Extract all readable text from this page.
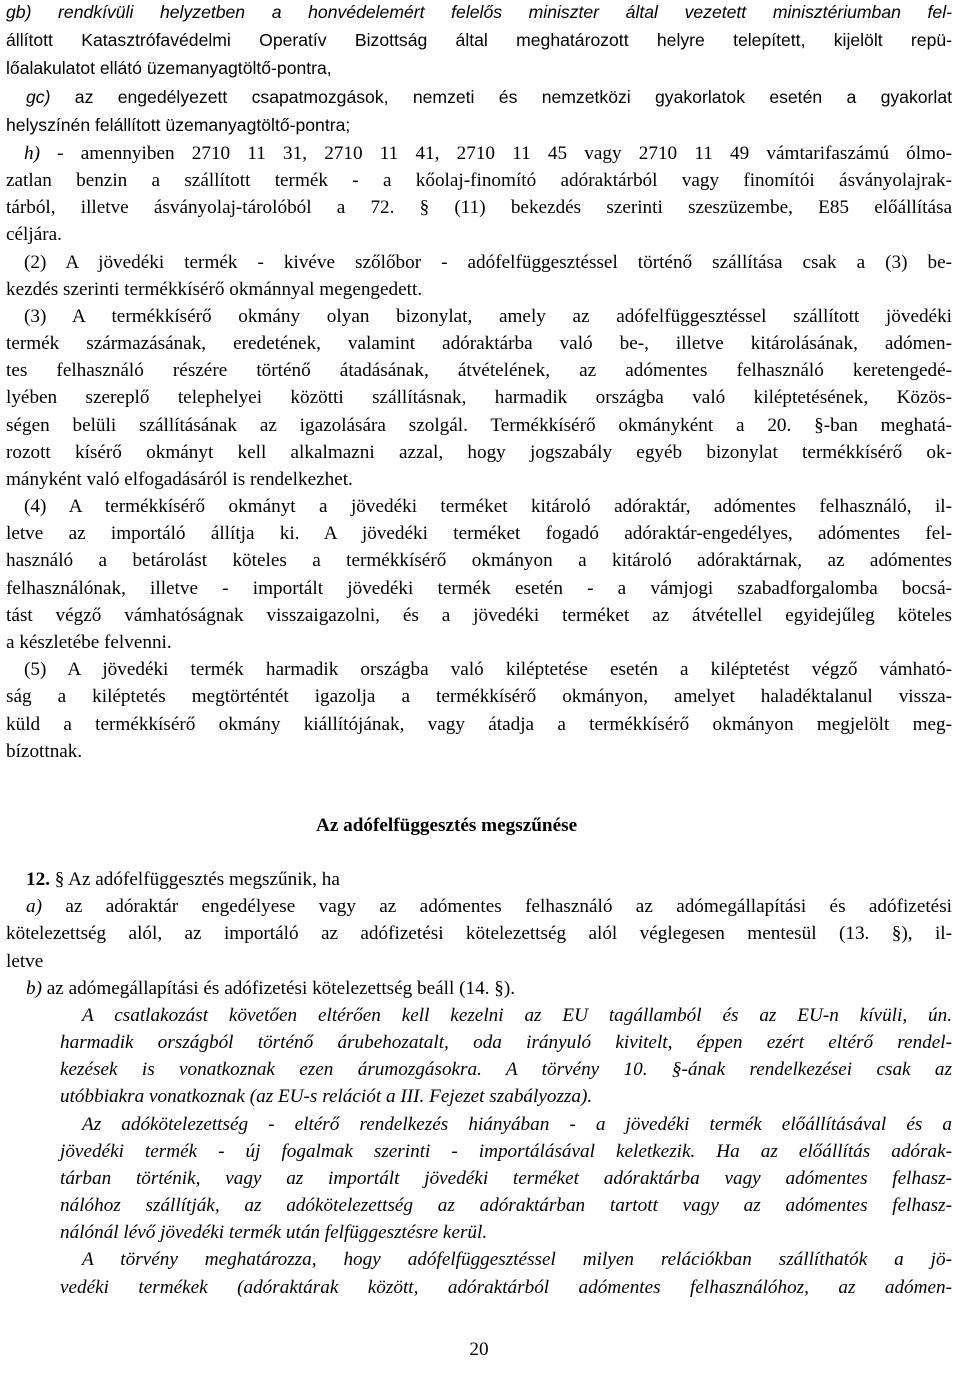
gb) rendkívüli helyzetben a honvédelemért felelős miniszter által vezetett minisztériumban fel-
állított Katasztrófavédelmi Operatív Bizottság által meghatározott helyre telepített, kijelölt repü-
lőalakulatot ellátó üzemanyagtöltő-pontra,
gc) az engedélyezett csapatmozgások, nemzeti és nemzetközi gyakorlatok esetén a gyakorlat
helyszínén felállított üzemanyagtöltő-pontra;
h) - amennyiben 2710 11 31, 2710 11 41, 2710 11 45 vagy 2710 11 49 vámtarifaszámú ólmo-
zatlan benzin a szállított termék - a kőolaj-finomító adóraktárból vagy finomítói ásványolajrak-
tárból, illetve ásványolaj-tárolóból a 72. § (11) bekezdés szerinti szeszüzembe, E85 előállítása
céljára.
(2) A jövedéki termék - kivéve szőlőbor - adófelfüggesztéssel történő szállítása csak a (3) be-
kezdés szerinti termékkísérő okmánnyal megengedett.
(3) A termékkísérő okmány olyan bizonylat, amely az adófelfüggesztéssel szállított jövedéki
termék származásának, eredetének, valamint adóraktárba való be-, illetve kitárolásának, adómen-
tes felhasználó részére történő átadásának, átvételének, az adómentes felhasználó keretengedé-
lyében szereplő telephelyei közötti szállításnak, harmadik országba való kiléptetésének, Közös-
ségen belüli szállításának az igazolására szolgál. Termékkísérő okmányként a 20. §-ban meghatá-
rozott kísérő okmányt kell alkalmazni azzal, hogy jogszabály egyéb bizonylat termékkísérő ok-
mányként való elfogadásáról is rendelkezhet.
(4) A termékkísérő okmányt a jövedéki terméket kitároló adóraktár, adómentes felhasználó, il-
letve az importáló állítja ki. A jövedéki terméket fogadó adóraktár-engedélyes, adómentes fel-
használó a betárolást köteles a termékkísérő okmányon a kitároló adóraktárnak, az adómentes
felhasználónak, illetve - importált jövedéki termék esetén - a vámjogi szabadforgalomba bocsá-
tást végző vámhatóságnak visszaigazolni, és a jövedéki terméket az átvétellel egyidejűleg köteles
a készletébe felvenni.
(5) A jövedéki termék harmadik országba való kiléptetése esetén a kiléptetést végző vámható-
ság a kiléptetés megtörténtét igazolja a termékkísérő okmányon, amelyet haladéktalanul vissza-
küld a termékkísérő okmány kiállítójának, vagy átadja a termékkísérő okmányon megjelölt meg-
bízottnak.
Az adófelfüggesztés megszűnése
12. § Az adófelfüggesztés megszűnik, ha
a) az adóraktár engedélyese vagy az adómentes felhasználó az adómegállapítási és adófizetési
kötelezettség alól, az importáló az adófizetési kötelezettség alól véglegesen mentesül (13. §), il-
letve
b) az adómegállapítási és adófizetési kötelezettség beáll (14. §).
A csatlakozást követően eltérően kell kezelni az EU tagállamból és az EU-n kívüli, ún.
harmadik országból történő árubehozatalt, oda irányuló kivitelt, éppen ezért eltérő rendel-
kezések is vonatkoznak ezen árumozgásokra. A törvény 10. §-ának rendelkezései csak az
utóbbiakra vonatkoznak (az EU-s relációt a III. Fejezet szabályozza).
Az adókötelezettség - eltérő rendelkezés hiányában - a jövedéki termék előállításával és a
jövedéki termék - új fogalmak szerinti - importálásával keletkezik. Ha az előállítás adórak-
tárban történik, vagy az importált jövedéki terméket adóraktárba vagy adómentes felhasz-
nálóhoz szállítják, az adókötelezettség az adóraktárban tartott vagy az adómentes felhasz-
nálónál lévő jövedéki termék után felfüggesztésre kerül.
A törvény meghatározza, hogy adófelfüggesztéssel milyen relációkban szállíthatók a jö-
vedéki termékek (adóraktárak között, adóraktárból adómentes felhasználóhoz, az adómen-
20
